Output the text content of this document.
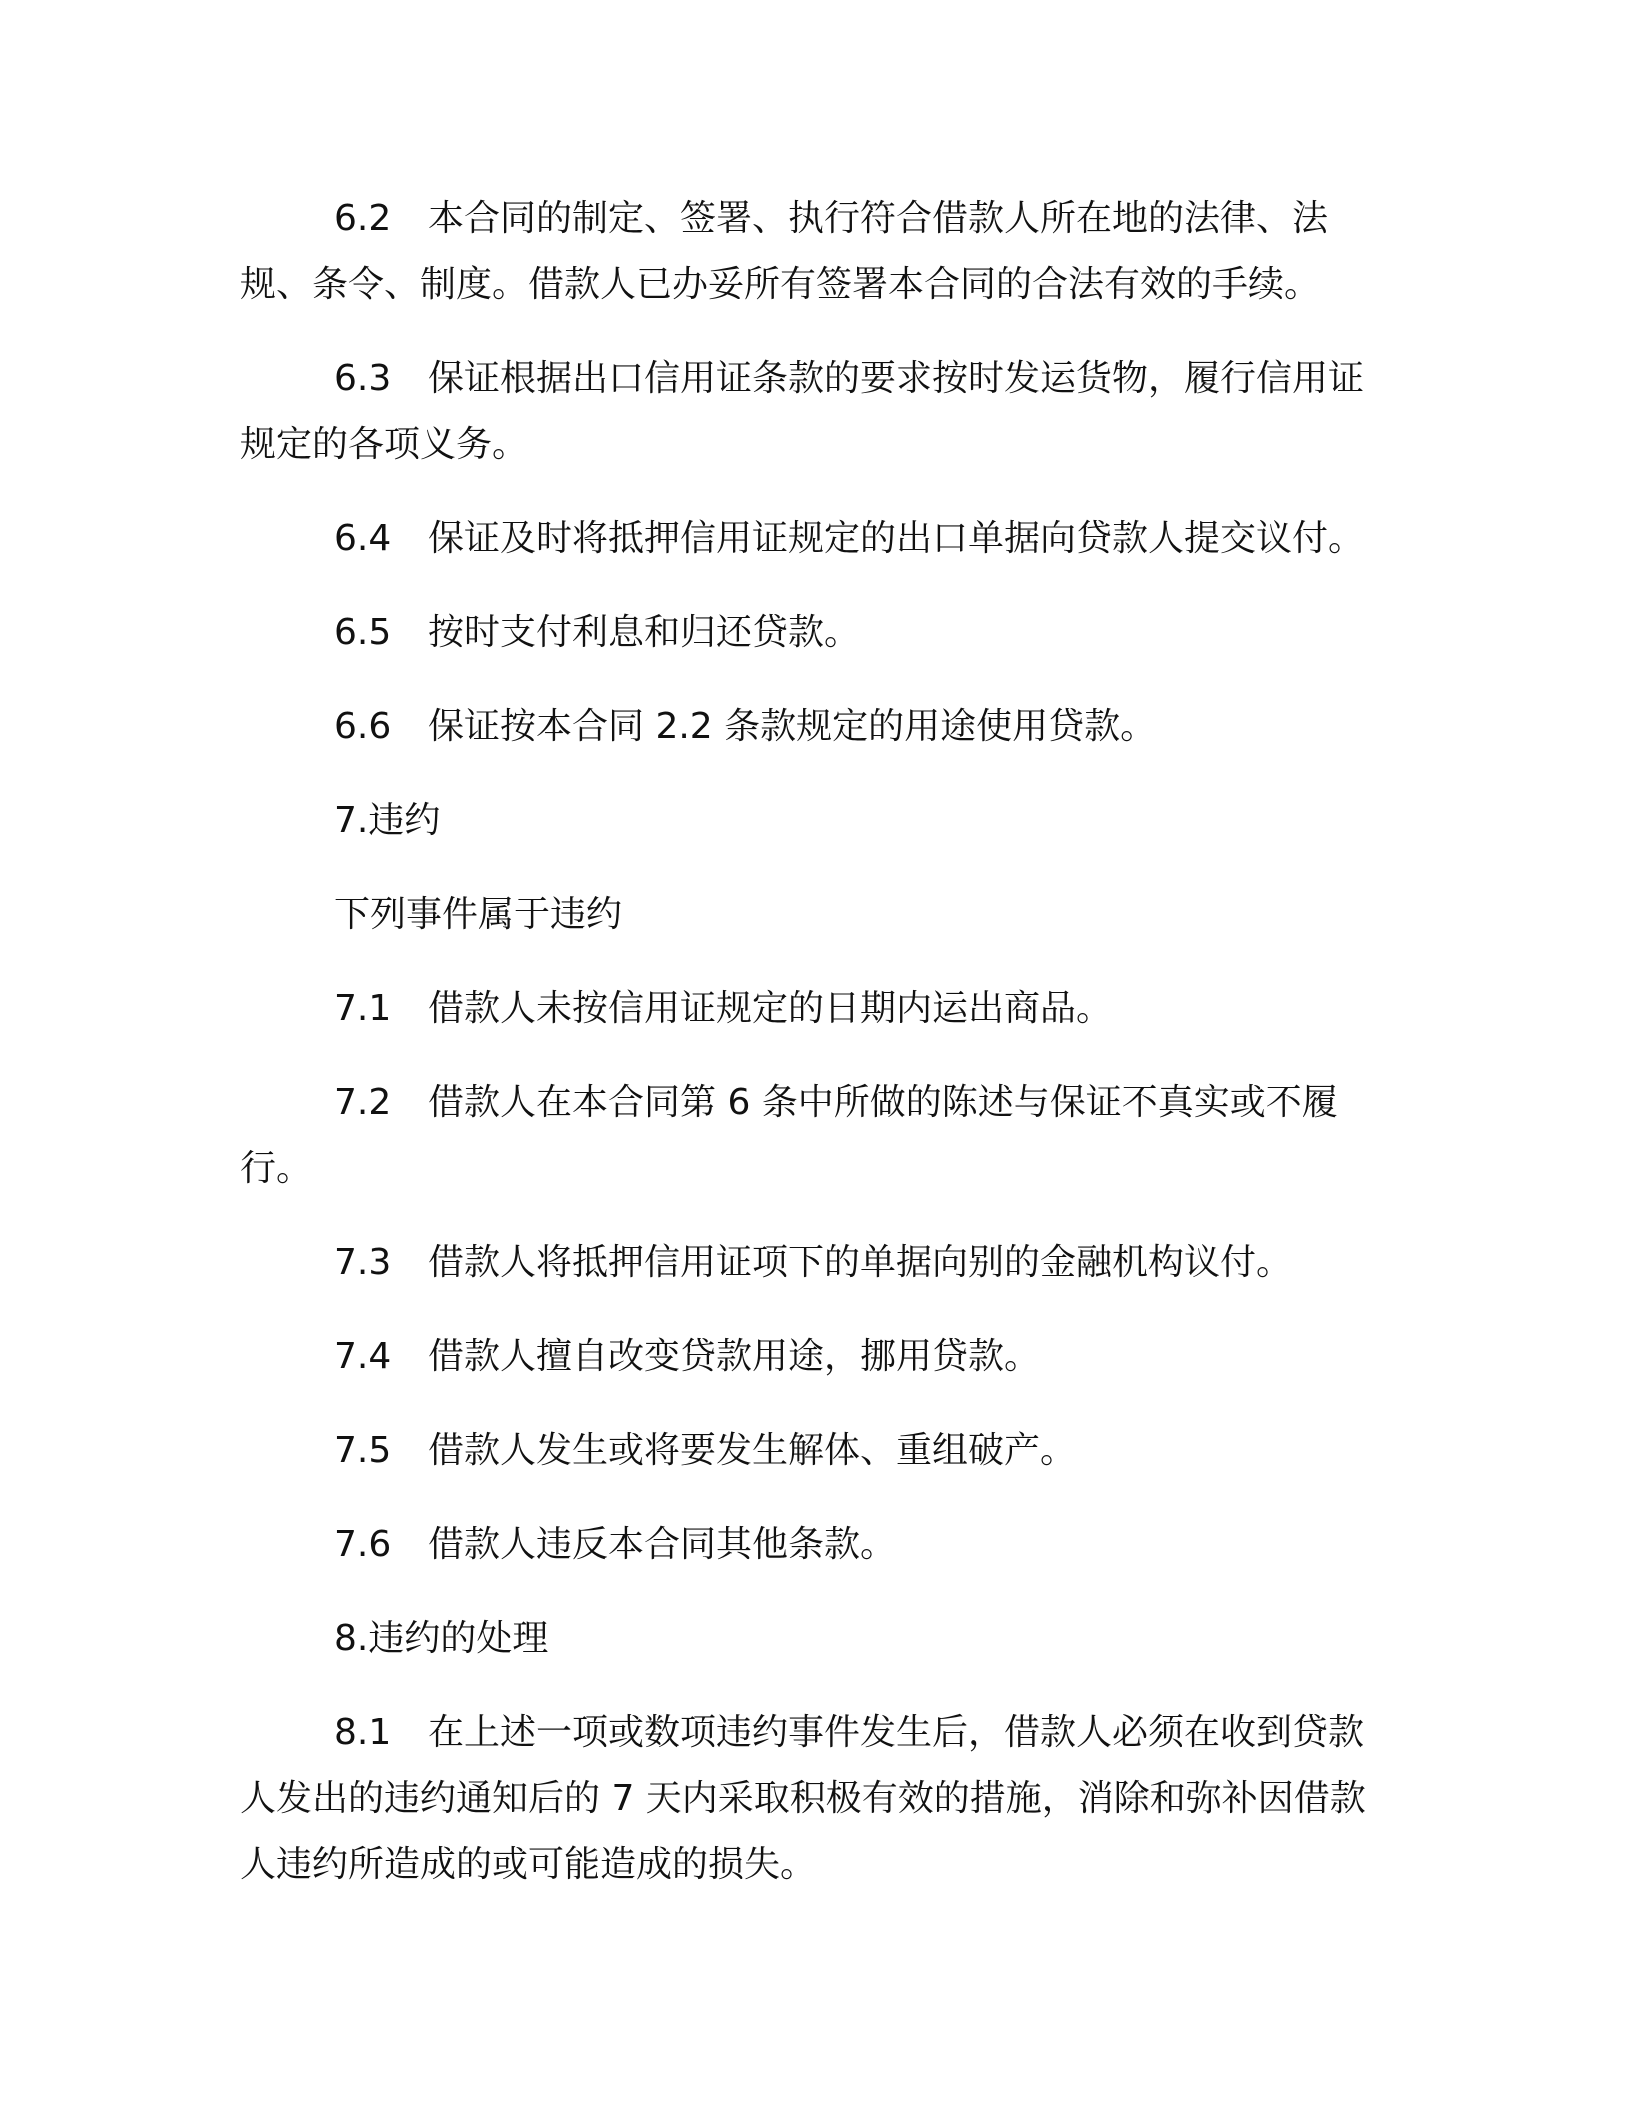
6.2 本合同的制定、签署、执行符合借款人所在地的法律、法规、条令、制度。借款人已办妥所有签署本合同的合法有效的手续。

6.3 保证根据出口信用证条款的要求按时发运货物，履行信用证规定的各项义务。

6.4 保证及时将抵押信用证规定的出口单据向贷款人提交议付。

6.5 按时支付利息和归还贷款。

6.6 保证按本合同 2.2 条款规定的用途使用贷款。

7.违约

下列事件属于违约

7.1 借款人未按信用证规定的日期内运出商品。

7.2 借款人在本合同第 6 条中所做的陈述与保证不真实或不履行。

7.3 借款人将抵押信用证项下的单据向别的金融机构议付。

7.4 借款人擅自改变贷款用途，挪用贷款。

7.5 借款人发生或将要发生解体、重组破产。

7.6 借款人违反本合同其他条款。

8.违约的处理

8.1 在上述一项或数项违约事件发生后，借款人必须在收到贷款人发出的违约通知后的 7 天内采取积极有效的措施，消除和弥补因借款人违约所造成的或可能造成的损失。
